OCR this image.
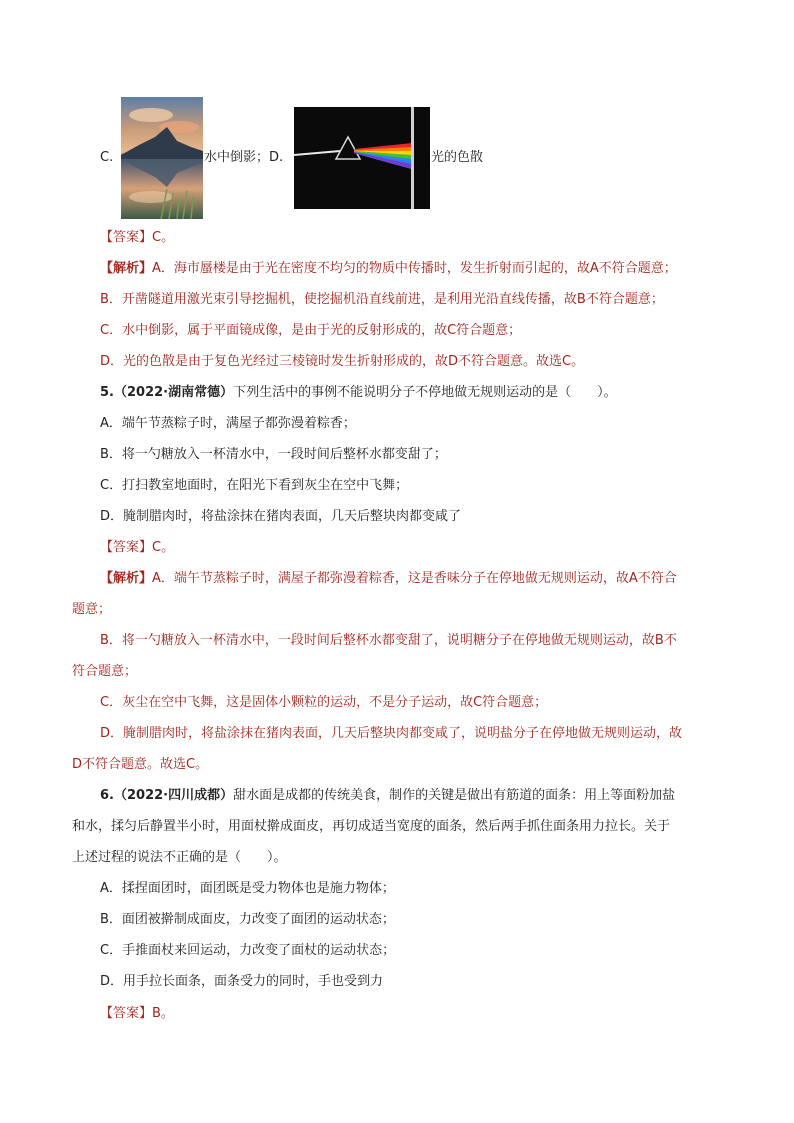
C.	水中倒影；D.	光的色散
【答案】C。
【解析】A．海市蜃楼是由于光在密度不均匀的物质中传播时，发生折射而引起的，故A不符合题意；
B．开凿隧道用激光束引导挖掘机，使挖掘机沿直线前进，是利用光沿直线传播，故B不符合题意；
C．水中倒影，属于平面镜成像，是由于光的反射形成的，故C符合题意；
D．光的色散是由于复色光经过三棱镜时发生折射形成的，故D不符合题意。故选C。
5.（2022·湖南常德）下列生活中的事例不能说明分子不停地做无规则运动的是（　　）。
A．端午节蒸粽子时，满屋子都弥漫着粽香；
B．将一勺糖放入一杯清水中，一段时间后整杯水都变甜了；
C．打扫教室地面时，在阳光下看到灰尘在空中飞舞；
D．腌制腊肉时，将盐涂抹在猪肉表面，几天后整块肉都变咸了
【答案】C。
【解析】A．端午节蒸粽子时，满屋子都弥漫着粽香，这是香味分子在停地做无规则运动，故A不符合
题意；
B．将一勺糖放入一杯清水中，一段时间后整杯水都变甜了，说明糖分子在停地做无规则运动，故B不
符合题意；
C．灰尘在空中飞舞，这是固体小颗粒的运动，不是分子运动，故C符合题意；
D．腌制腊肉时，将盐涂抹在猪肉表面，几天后整块肉都变咸了，说明盐分子在停地做无规则运动，故
D不符合题意。故选C。
6.（2022·四川成都）甜水面是成都的传统美食，制作的关键是做出有筋道的面条：用上等面粉加盐
和水，揉匀后静置半小时，用面杖擀成面皮，再切成适当宽度的面条，然后两手抓住面条用力拉长。关于
上述过程的说法不正确的是（　　）。
A．揉捏面团时，面团既是受力物体也是施力物体；
B．面团被擀制成面皮，力改变了面团的运动状态；
C．手推面杖来回运动，力改变了面杖的运动状态；
D．用手拉长面条，面条受力的同时，手也受到力
【答案】B。
